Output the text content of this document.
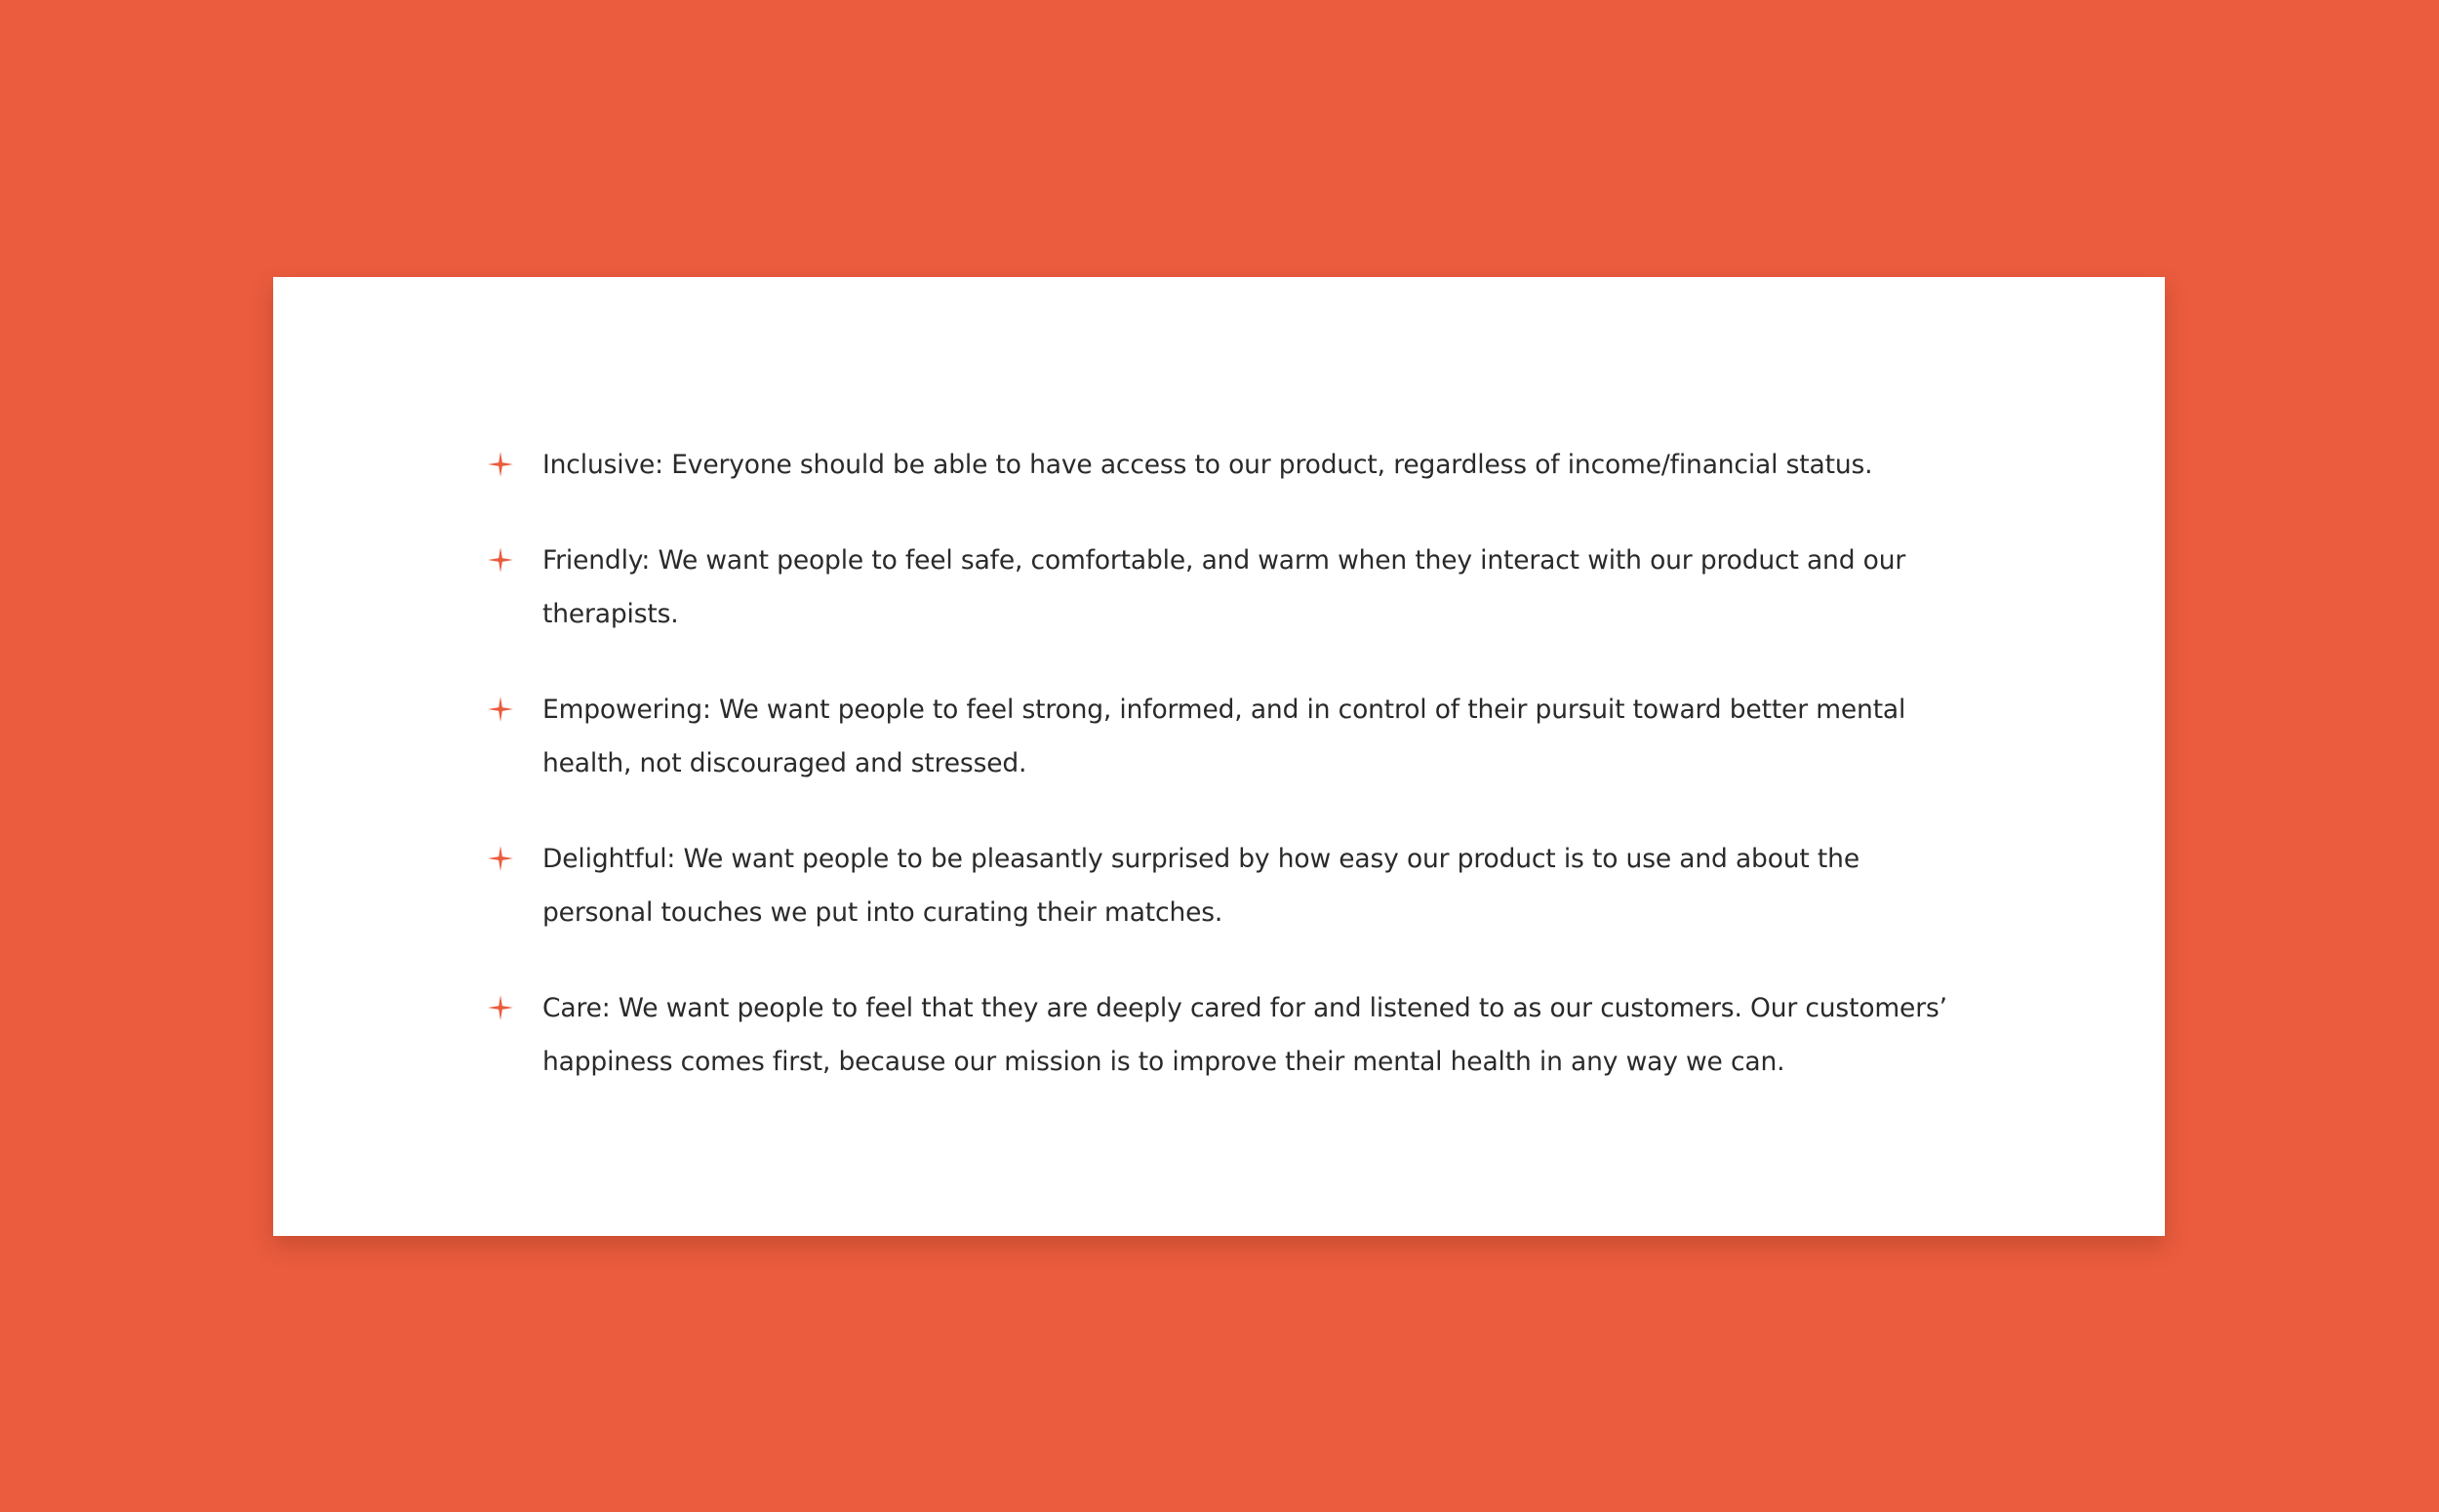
Inclusive: Everyone should be able to have access to our product, regardless of income/financial status.
Friendly: We want people to feel safe, comfortable, and warm when they interact with our product and our therapists.
Empowering: We want people to feel strong, informed, and in control of their pursuit toward better mental health, not discouraged and stressed.
Delightful: We want people to be pleasantly surprised by how easy our product is to use and about the personal touches we put into curating their matches.
Care: We want people to feel that they are deeply cared for and listened to as our customers. Our customers’ happiness comes first, because our mission is to improve their mental health in any way we can.
